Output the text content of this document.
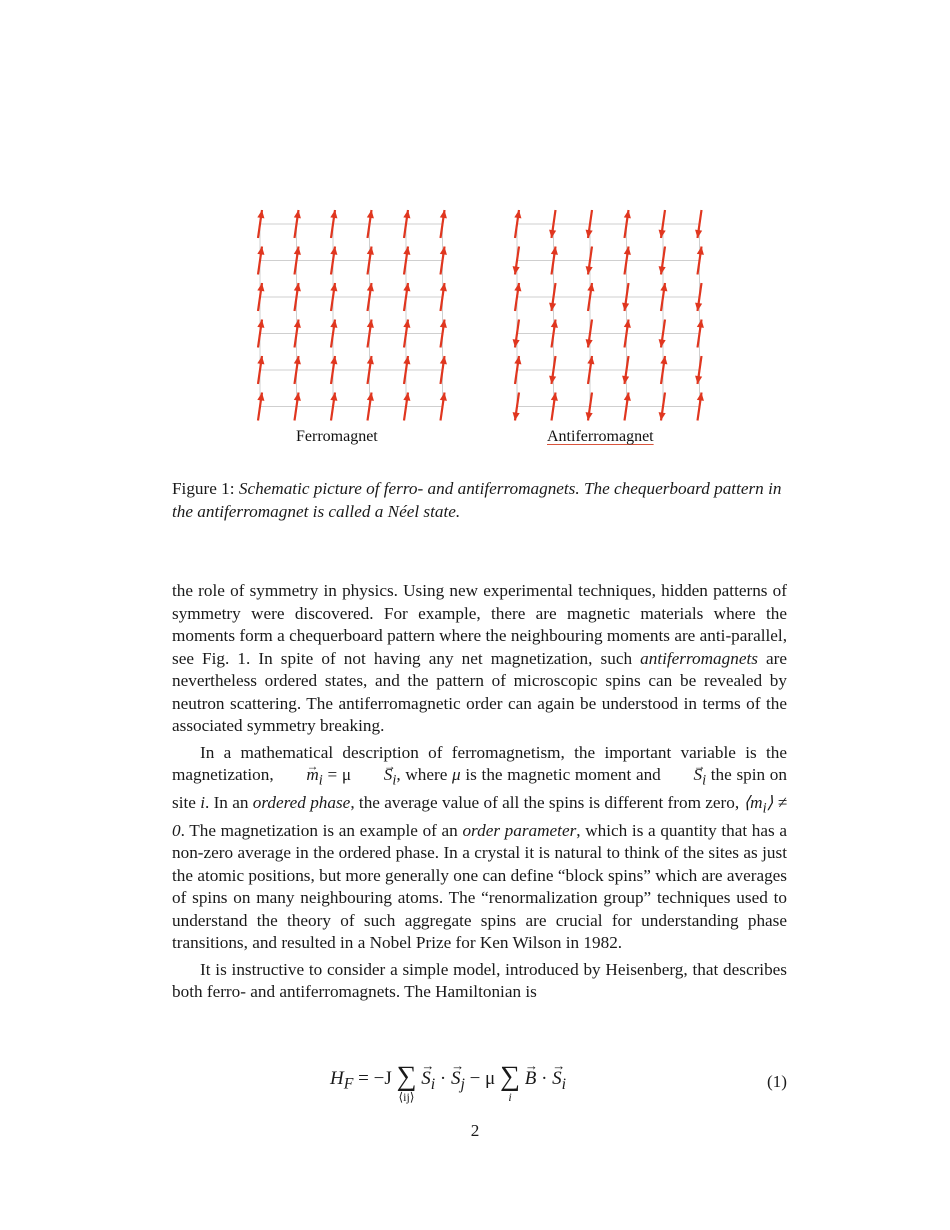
Ferromagnet	Antiferromagnet
Figure 1: Schematic picture of ferro- and antiferromagnets. The chequerboard pattern in the antiferromagnet is called a Néel state.

the role of symmetry in physics. Using new experimental techniques, hidden patterns of symmetry were discovered. For example, there are magnetic materials where the moments form a chequerboard pattern where the neighbouring moments are anti-parallel, see Fig. 1. In spite of not having any net magnetization, such antiferromagnets are nevertheless ordered states, and the pattern of microscopic spins can be revealed by neutron scattering. The antiferromagnetic order can again be understood in terms of the associated symmetry breaking.

In a mathematical description of ferromagnetism, the important variable is the magnetization, → $m_i = \mu \to S_i$, where μ is the magnetic moment and → $S_i$ the spin on site i. In an ordered phase, the average value of all the spins is different from zero, $⟨m_i⟩ \ne 0$. The magnetization is an example of an order parameter, which is a quantity that has a non-zero average in the ordered phase. In a crystal it is natural to think of the sites as just the atomic positions, but more generally one can define “block spins” which are averages of spins on many neighbouring atoms. The “renormalization group” techniques used to understand the theory of such aggregate spins are crucial for understanding phase transitions, and resulted in a Nobel Prize for Ken Wilson in 1982.

It is instructive to consider a simple model, introduced by Heisenberg, that describes both ferro- and antiferromagnets. The Hamiltonian is

$H_F = -J$ ∑
⟨ij⟩
→ $S_i$ · → $S_j - \mu$ ∑
i
→ B · → $S_i$	(1)
2
